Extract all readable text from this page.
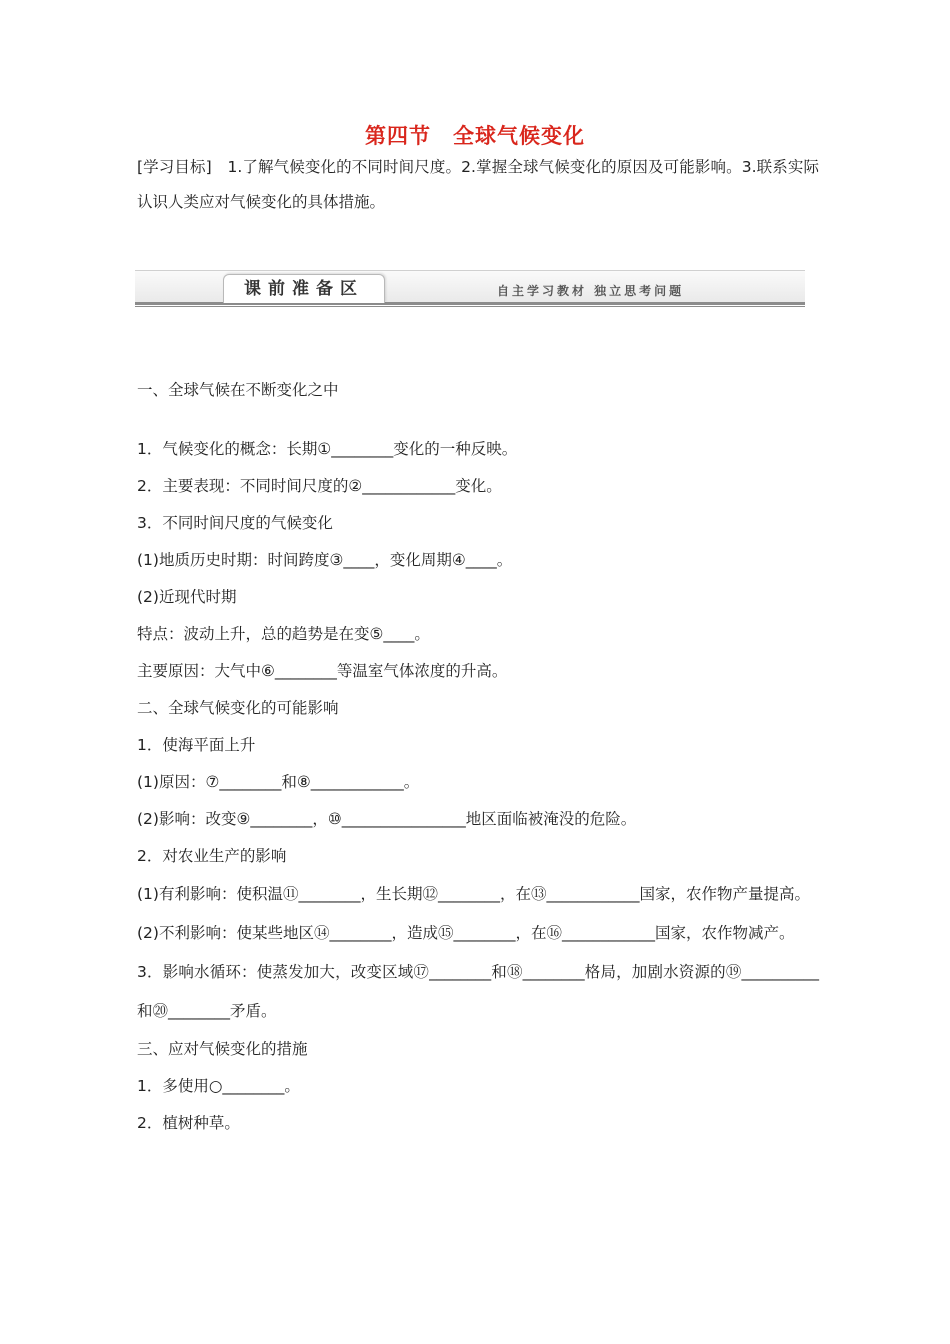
第四节　全球气候变化
[学习目标]　1.了解气候变化的不同时间尺度。2.掌握全球气候变化的原因及可能影响。3.联系实际认识人类应对气候变化的具体措施。
课前准备区	自主学习教材 独立思考问题
一、全球气候在不断变化之中
1．气候变化的概念：长期①________变化的一种反映。
2．主要表现：不同时间尺度的②____________变化。
3．不同时间尺度的气候变化
(1)地质历史时期：时间跨度③____，变化周期④____。
(2)近现代时期
特点：波动上升，总的趋势是在变⑤____。
主要原因：大气中⑥________等温室气体浓度的升高。
二、全球气候变化的可能影响
1．使海平面上升
(1)原因：⑦________和⑧____________。
(2)影响：改变⑨________，⑩________________地区面临被淹没的危险。
2．对农业生产的影响
(1)有利影响：使积温⑪________，生长期⑫________，在⑬____________国家，农作物产量提高。
(2)不利影响：使某些地区⑭________，造成⑮________，在⑯____________国家，农作物减产。
3．影响水循环：使蒸发加大，改变区域⑰________和⑱________格局，加剧水资源的⑲__________和⑳________矛盾。
三、应对气候变化的措施
1．多使用○________。
2．植树种草。
